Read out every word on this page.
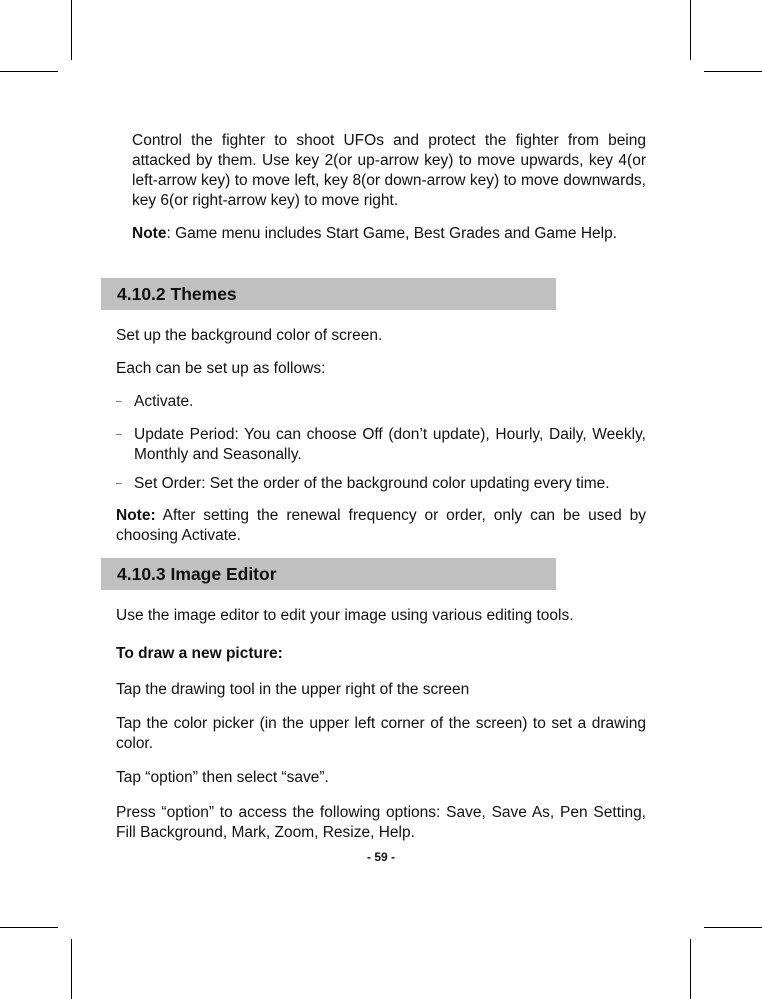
Control the fighter to shoot UFOs and protect the fighter from being attacked by them. Use key 2(or up-arrow key) to move upwards, key 4(or left-arrow key) to move left, key 8(or down-arrow key) to move downwards, key 6(or right-arrow key) to move right.

Note: Game menu includes Start Game, Best Grades and Game Help.

4.10.2 Themes

Set up the background color of screen.

Each can be set up as follows:

– Activate.

– Update Period: You can choose Off (don’t update), Hourly, Daily, Weekly, Monthly and Seasonally.

– Set Order: Set the order of the background color updating every time.

Note: After setting the renewal frequency or order, only can be used by choosing Activate.

4.10.3 Image Editor

Use the image editor to edit your image using various editing tools.

To draw a new picture:

Tap the drawing tool in the upper right of the screen

Tap the color picker (in the upper left corner of the screen) to set a drawing color.

Tap “option” then select “save”.

Press “option” to access the following options: Save, Save As, Pen Setting, Fill Background, Mark, Zoom, Resize, Help.

- 59 -
